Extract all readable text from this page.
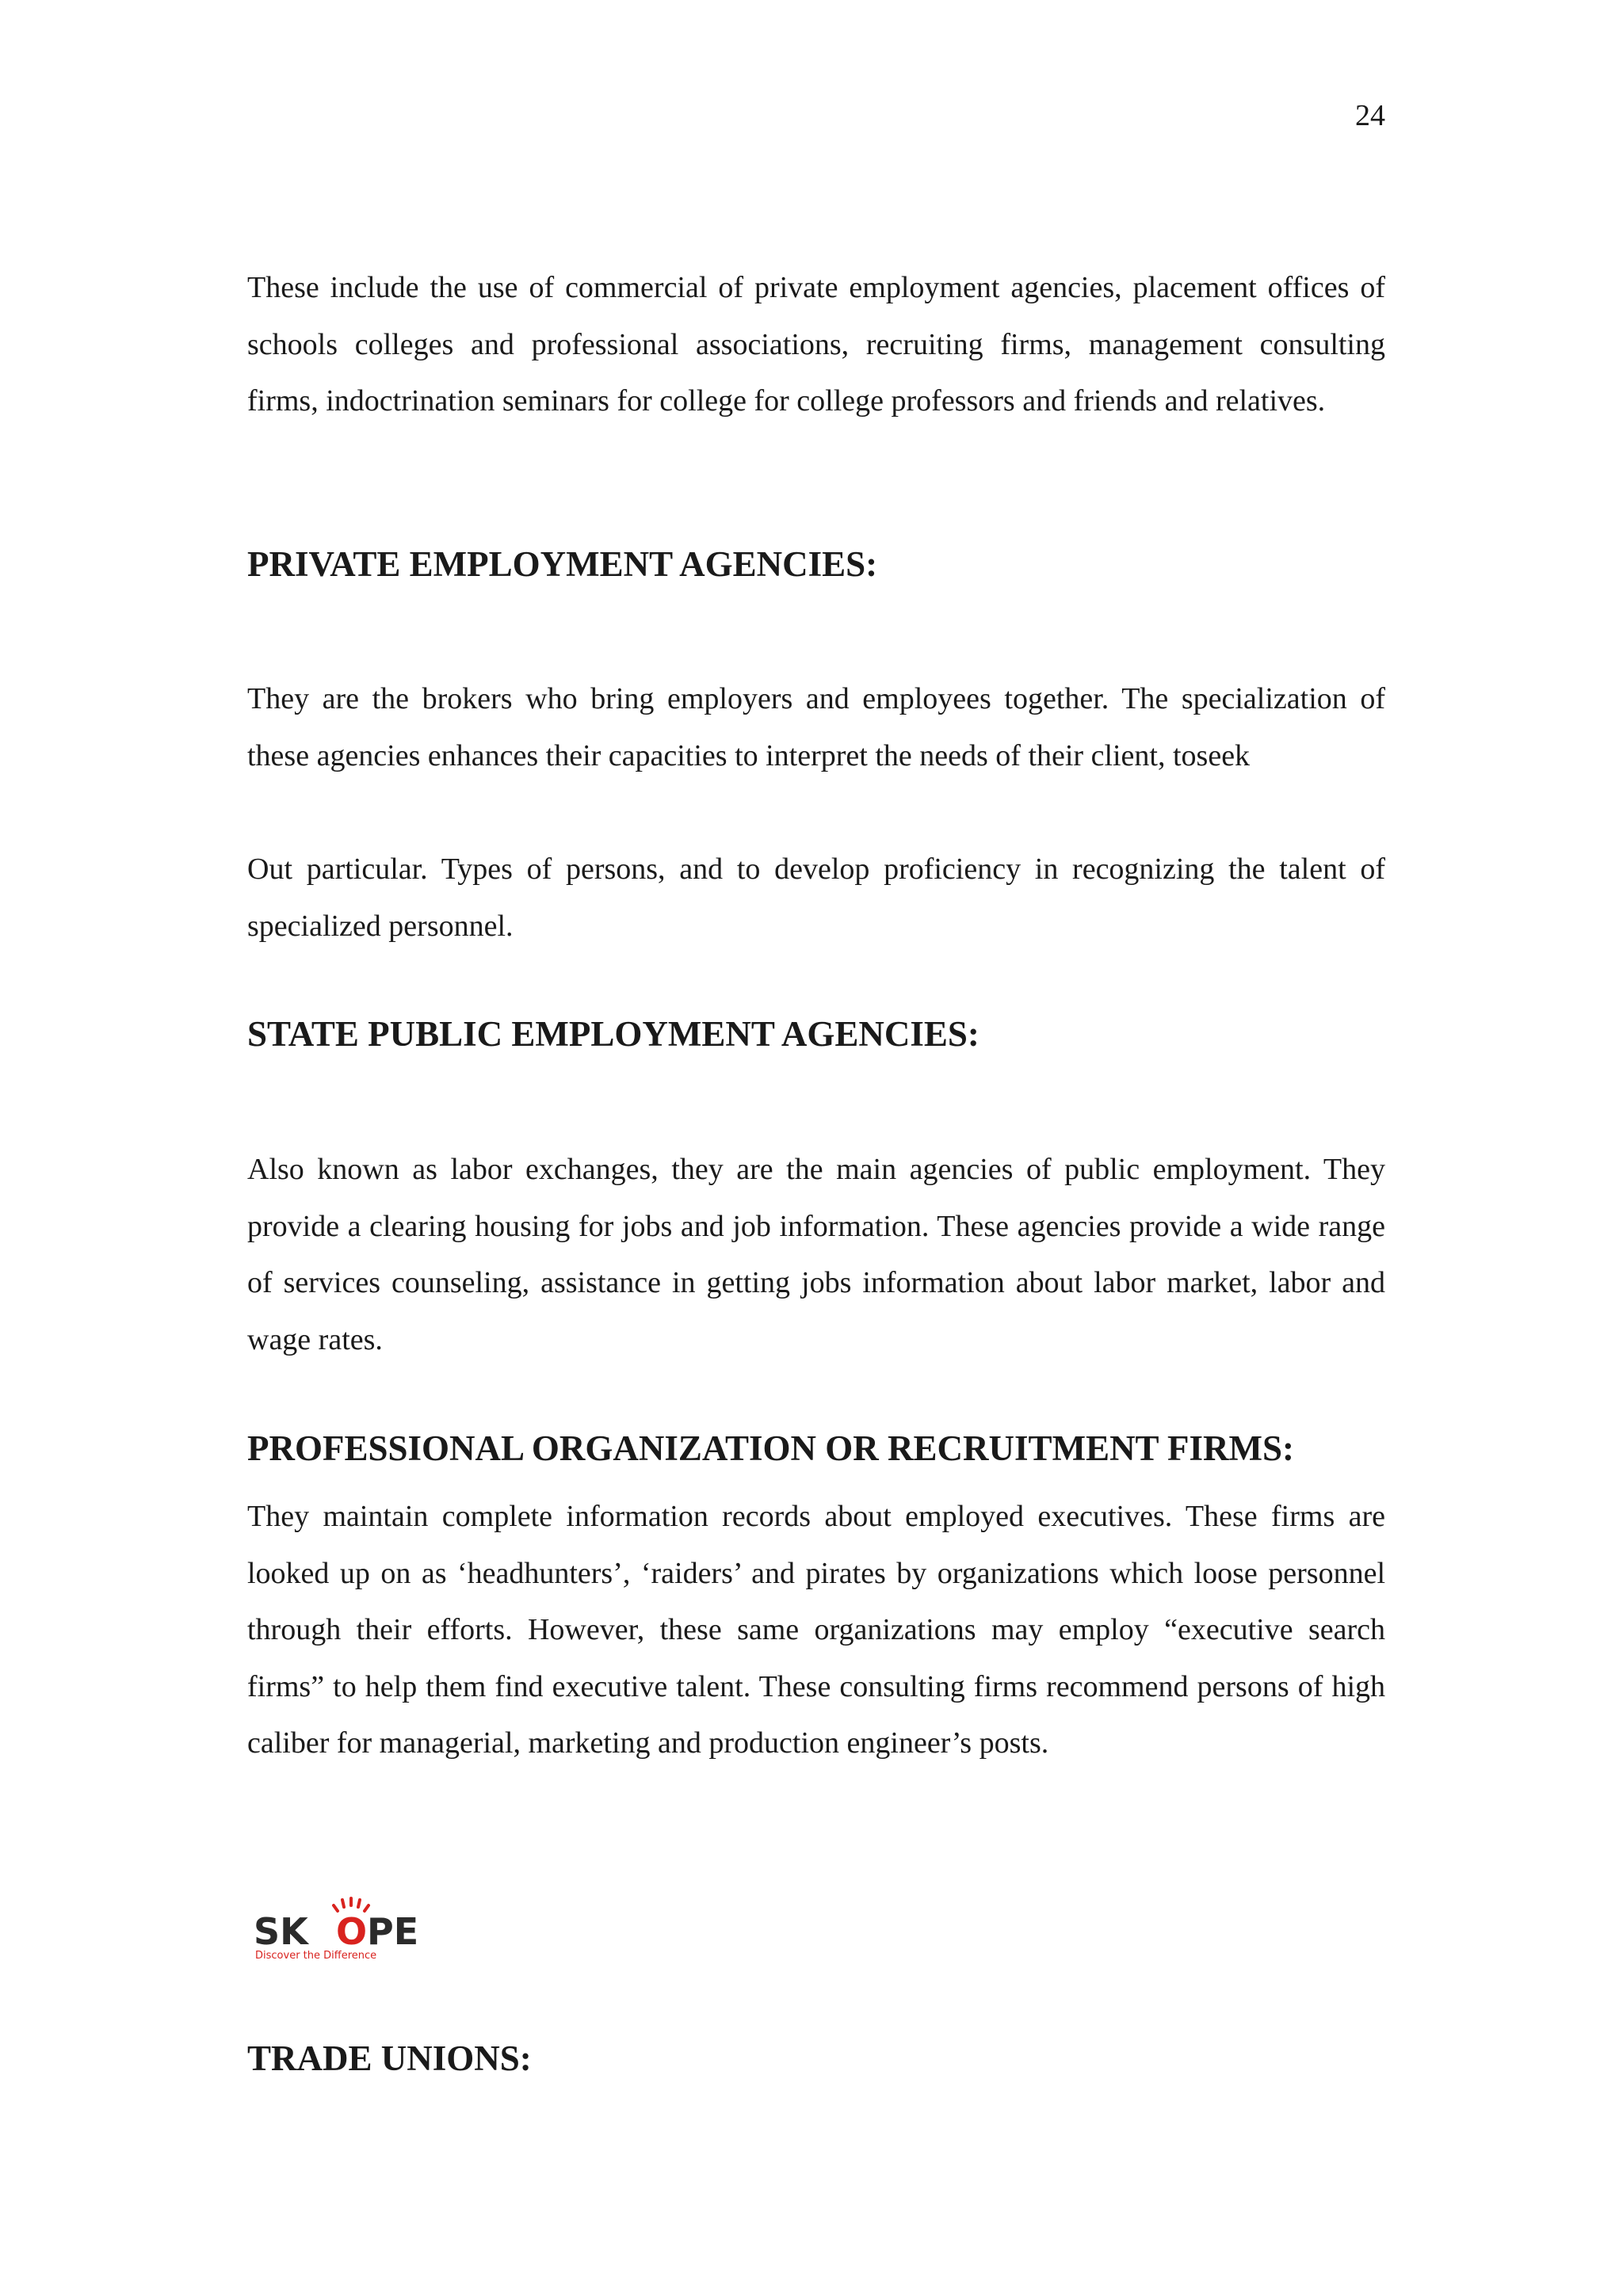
24

These include the use of commercial of private employment agencies, placement offices of schools colleges and professional associations, recruiting firms, management consulting firms, indoctrination seminars for college for college professors and friends and relatives.

PRIVATE EMPLOYMENT AGENCIES:

They are the brokers who bring employers and employees together. The specialization of these agencies enhances their capacities to interpret the needs of their client, toseek

Out particular. Types of persons, and to develop proficiency in recognizing the talent of specialized personnel.

STATE PUBLIC EMPLOYMENT AGENCIES:

Also known as labor exchanges, they are the main agencies of public employment. They provide a clearing housing for jobs and job information. These agencies provide a wide range of services counseling, assistance in getting jobs information about labor market, labor and wage rates.

PROFESSIONAL ORGANIZATION OR RECRUITMENT FIRMS:

They maintain complete information records about employed executives. These firms are looked up on as ‘headhunters’, ‘raiders’ and pirates by organizations which loose personnel through their efforts. However, these same organizations may employ “executive search firms” to help them find executive talent. These consulting firms recommend persons of high caliber for managerial, marketing and production engineer’s posts.

SK O PE
Discover the Difference
TRADE UNIONS:
